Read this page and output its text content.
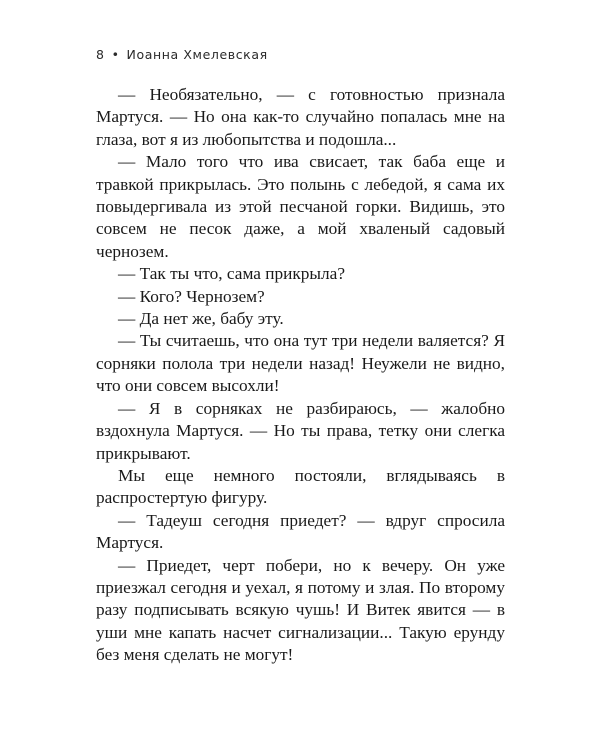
8 • Иоанна Хмелевская

— Необязательно, — с готовностью признала Мартуся. — Но она как-то случайно попалась мне на глаза, вот я из любопытства и подошла...

— Мало того что ива свисает, так баба еще и травкой прикрылась. Это полынь с лебедой, я сама их повыдергивала из этой песчаной горки. Видишь, это совсем не песок даже, а мой хваленый садовый чернозем.

— Так ты что, сама прикрыла?

— Кого? Чернозем?

— Да нет же, бабу эту.

— Ты считаешь, что она тут три недели валяется? Я сорняки полола три недели назад! Неужели не видно, что они совсем высохли!

— Я в сорняках не разбираюсь, — жалобно вздохнула Мартуся. — Но ты права, тетку они слегка прикрывают.

Мы еще немного постояли, вглядываясь в распростертую фигуру.

— Тадеуш сегодня приедет? — вдруг спросила Мартуся.

— Приедет, черт побери, но к вечеру. Он уже приезжал сегодня и уехал, я потому и злая. По второму разу подписывать всякую чушь! И Витек явится — в уши мне капать насчет сигнализации... Такую ерунду без меня сделать не могут!
